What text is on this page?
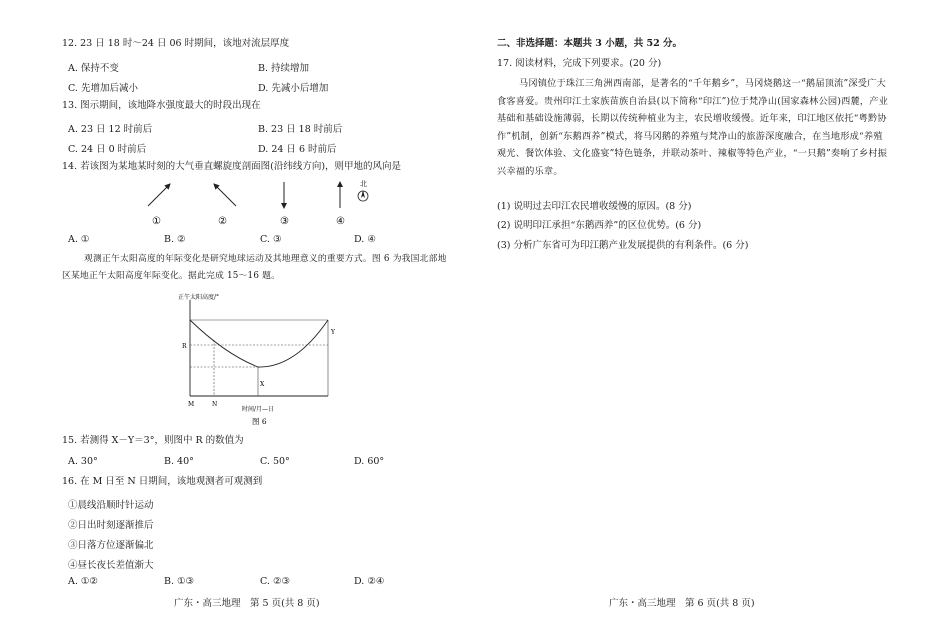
12. 23 日 18 时～24 日 06 时期间，该地对流层厚度
A. 保持不变	B. 持续增加
C. 先增加后减小	D. 先减小后增加
13. 图示期间，该地降水强度最大的时段出现在
A. 23 日 12 时前后	B. 23 日 18 时前后
C. 24 日 0 时前后	D. 24 日 6 时前后
14. 若该图为某地某时刻的大气垂直螺旋度剖面图(沿纬线方向)，则甲地的风向是
①	②	③	④
北
A. ①	B. ②	C. ③	D. ④
观测正午太阳高度的年际变化是研究地球运动及其地理意义的重要方式。图 6 为我国北部地区某地正午太阳高度年际变化。据此完成 15～16 题。
正午太阳高度/°
R
Y
X
M	N
时间/月—日
图 6
15. 若测得 X－Y＝3°，则图中 R 的数值为
A. 30°	B. 40°	C. 50°	D. 60°
16. 在 M 日至 N 日期间，该地观测者可观测到
①晨线沿顺时针运动
②日出时刻逐渐推后
③日落方位逐渐偏北
④昼长夜长差值渐大
A. ①②	B. ①③	C. ②③	D. ②④
广东・高三地理　第 5 页(共 8 页)
二、非选择题：本题共 3 小题，共 52 分。
17. 阅读材料，完成下列要求。(20 分)
马冈镇位于珠江三角洲西南部，是著名的“千年鹅乡”，马冈烧鹅这一“鹅届顶流”深受广大食客喜爱。贵州印江土家族苗族自治县(以下简称“印江”)位于梵净山(国家森林公园)西麓，产业基础和基础设施薄弱，长期以传统种植业为主，农民增收缓慢。近年来，印江地区依托“粤黔协作”机制，创新“东鹅西养”模式，将马冈鹅的养殖与梵净山的旅游深度融合，在当地形成“养殖观光、餐饮体验、文化盛宴”特色链条，并联动茶叶、辣椒等特色产业，“一只鹅”奏响了乡村振兴幸福的乐章。
(1) 说明过去印江农民增收缓慢的原因。(8 分)
(2) 说明印江承担“东鹅西养”的区位优势。(6 分)
(3) 分析广东省可为印江鹅产业发展提供的有利条件。(6 分)
广东・高三地理　第 6 页(共 8 页)
